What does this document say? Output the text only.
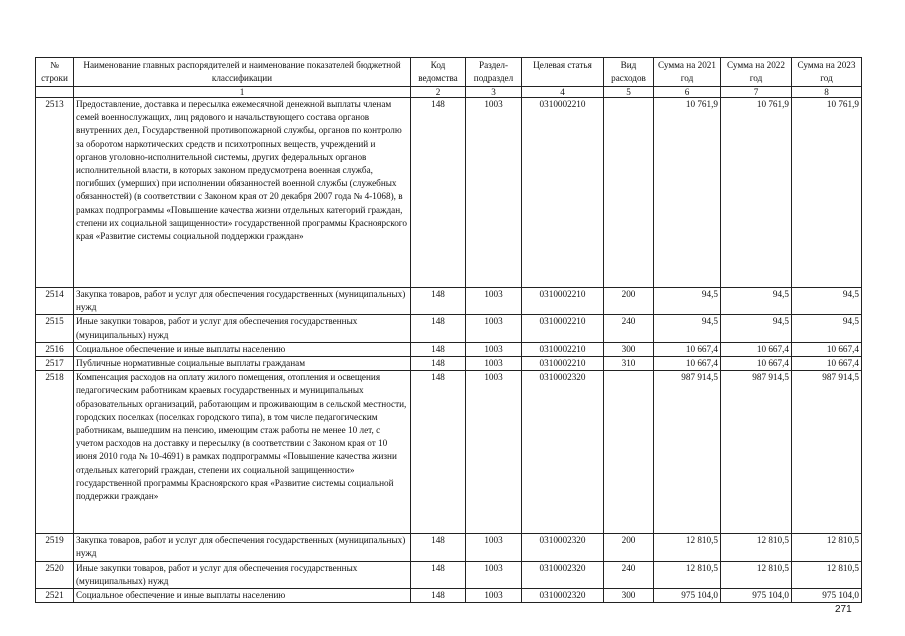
№ строки	Наименование главных распорядителей и наименование показателей бюджетной классификации	Код ведомства	Раздел-подраздел	Целевая статья	Вид расходов	Сумма на 2021 год	Сумма на 2022 год	Сумма на 2023 год
	1	2	3	4	5	6	7	8
2513	Предоставление, доставка и пересылка ежемесячной денежной выплаты членам семей военнослужащих, лиц рядового и начальствующего состава органов внутренних дел, Государственной противопожарной службы, органов по контролю за оборотом наркотических средств и психотропных веществ, учреждений и органов уголовно-исполнительной системы, других федеральных органов исполнительной власти, в которых законом предусмотрена военная служба, погибших (умерших) при исполнении обязанностей военной службы (служебных обязанностей) (в соответствии с Законом края от 20 декабря 2007 года № 4-1068), в рамках подпрограммы «Повышение качества жизни отдельных категорий граждан, степени их социальной защищенности» государственной программы Красноярского края «Развитие системы социальной поддержки граждан»	148	1003	0310002210		10 761,9	10 761,9	10 761,9
2514	Закупка товаров, работ и услуг для обеспечения государственных (муниципальных) нужд	148	1003	0310002210	200	94,5	94,5	94,5
2515	Иные закупки товаров, работ и услуг для обеспечения государственных (муниципальных) нужд	148	1003	0310002210	240	94,5	94,5	94,5
2516	Социальное обеспечение и иные выплаты населению	148	1003	0310002210	300	10 667,4	10 667,4	10 667,4
2517	Публичные нормативные социальные выплаты гражданам	148	1003	0310002210	310	10 667,4	10 667,4	10 667,4
2518	Компенсация расходов на оплату жилого помещения, отопления и освещения педагогическим работникам краевых государственных и муниципальных образовательных организаций, работающим и проживающим в сельской местности, городских поселках (поселках городского типа), в том числе педагогическим работникам, вышедшим на пенсию, имеющим стаж работы не менее 10 лет, с учетом расходов на доставку и пересылку (в соответствии с Законом края от 10 июня 2010 года № 10-4691) в рамках подпрограммы «Повышение качества жизни отдельных категорий граждан, степени их социальной защищенности» государственной программы Красноярского края «Развитие системы социальной поддержки граждан»	148	1003	0310002320		987 914,5	987 914,5	987 914,5
2519	Закупка товаров, работ и услуг для обеспечения государственных (муниципальных) нужд	148	1003	0310002320	200	12 810,5	12 810,5	12 810,5
2520	Иные закупки товаров, работ и услуг для обеспечения государственных (муниципальных) нужд	148	1003	0310002320	240	12 810,5	12 810,5	12 810,5
2521	Социальное обеспечение и иные выплаты населению	148	1003	0310002320	300	975 104,0	975 104,0	975 104,0
271
